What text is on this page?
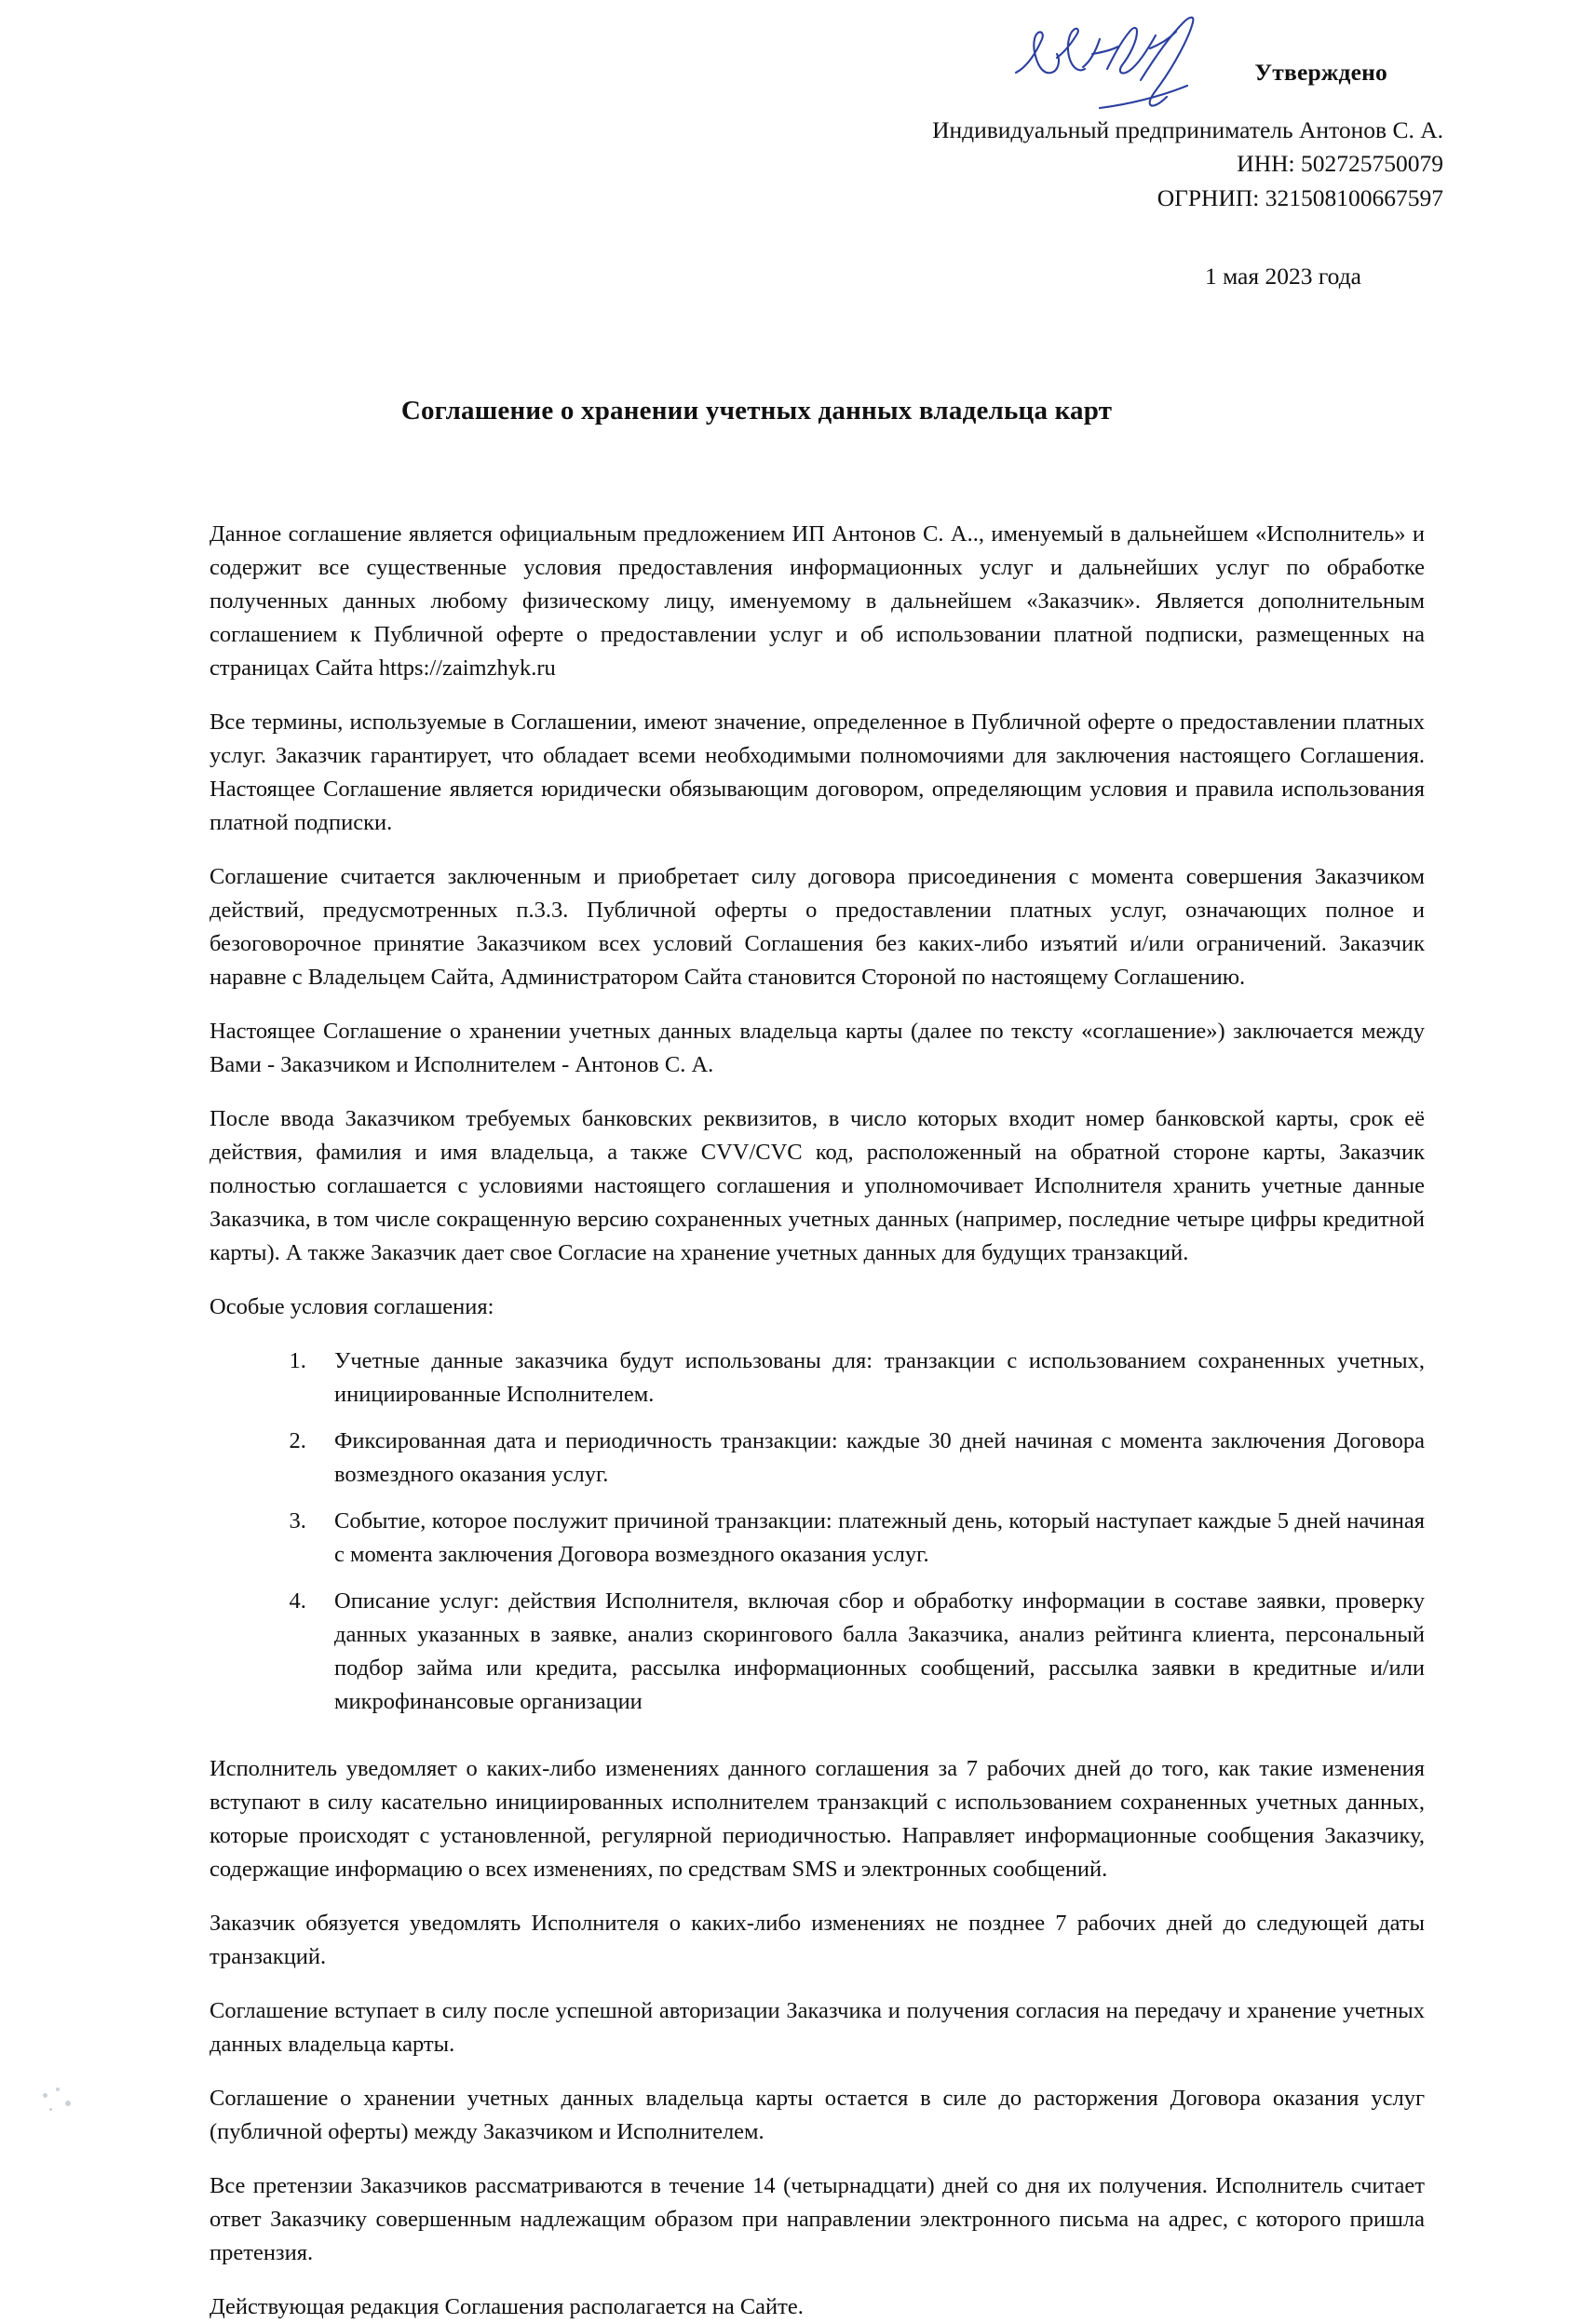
Утверждено
Индивидуальный предприниматель Антонов С. А.
ИНН: 502725750079
ОГРНИП: 321508100667597
1 мая 2023 года
Соглашение о хранении учетных данных владельца карт

Данное соглашение является официальным предложением ИП Антонов С. А.., именуемый в дальнейшем «Исполнитель» и содержит все существенные условия предоставления информационных услуг и дальнейших услуг по обработке полученных данных любому физическому лицу, именуемому в дальнейшем «Заказчик». Является дополнительным соглашением к Публичной оферте о предоставлении услуг и об использовании платной подписки, размещенных на страницах Сайта https://zaimzhyk.ru

Все термины, используемые в Соглашении, имеют значение, определенное в Публичной оферте о предоставлении платных услуг. Заказчик гарантирует, что обладает всеми необходимыми полномочиями для заключения настоящего Соглашения. Настоящее Соглашение является юридически обязывающим договором, определяющим условия и правила использования платной подписки.

Соглашение считается заключенным и приобретает силу договора присоединения с момента совершения Заказчиком действий, предусмотренных п.3.3. Публичной оферты о предоставлении платных услуг, означающих полное и безоговорочное принятие Заказчиком всех условий Соглашения без каких-либо изъятий и/или ограничений. Заказчик наравне с Владельцем Сайта, Администратором Сайта становится Стороной по настоящему Соглашению.

Настоящее Соглашение о хранении учетных данных владельца карты (далее по тексту «соглашение») заключается между Вами - Заказчиком и Исполнителем - Антонов С. А.

После ввода Заказчиком требуемых банковских реквизитов, в число которых входит номер банковской карты, срок её действия, фамилия и имя владельца, а также CVV/CVC код, расположенный на обратной стороне карты, Заказчик полностью соглашается с условиями настоящего соглашения и уполномочивает Исполнителя хранить учетные данные Заказчика, в том числе сокращенную версию сохраненных учетных данных (например, последние четыре цифры кредитной карты). А также Заказчик дает свое Согласие на хранение учетных данных для будущих транзакций.

Особые условия соглашения:

1. Учетные данные заказчика будут использованы для: транзакции с использованием сохраненных учетных, инициированные Исполнителем.
2. Фиксированная дата и периодичность транзакции: каждые 30 дней начиная с момента заключения Договора возмездного оказания услуг.
3. Событие, которое послужит причиной транзакции: платежный день, который наступает каждые 5 дней начиная с момента заключения Договора возмездного оказания услуг.
4. Описание услуг: действия Исполнителя, включая сбор и обработку информации в составе заявки, проверку данных указанных в заявке, анализ скорингового балла Заказчика, анализ рейтинга клиента, персональный подбор займа или кредита, рассылка информационных сообщений, рассылка заявки в кредитные и/или микрофинансовые организации

Исполнитель уведомляет о каких-либо изменениях данного соглашения за 7 рабочих дней до того, как такие изменения вступают в силу касательно инициированных исполнителем транзакций с использованием сохраненных учетных данных, которые происходят с установленной, регулярной периодичностью. Направляет информационные сообщения Заказчику, содержащие информацию о всех изменениях, по средствам SMS и электронных сообщений.

Заказчик обязуется уведомлять Исполнителя о каких-либо изменениях не позднее 7 рабочих дней до следующей даты транзакций.

Соглашение вступает в силу после успешной авторизации Заказчика и получения согласия на передачу и хранение учетных данных владельца карты.

Соглашение о хранении учетных данных владельца карты остается в силе до расторжения Договора оказания услуг (публичной оферты) между Заказчиком и Исполнителем.

Все претензии Заказчиков рассматриваются в течение 14 (четырнадцати) дней со дня их получения. Исполнитель считает ответ Заказчику совершенным надлежащим образом при направлении электронного письма на адрес, с которого пришла претензия.

Действующая редакция Соглашения располагается на Сайте.
